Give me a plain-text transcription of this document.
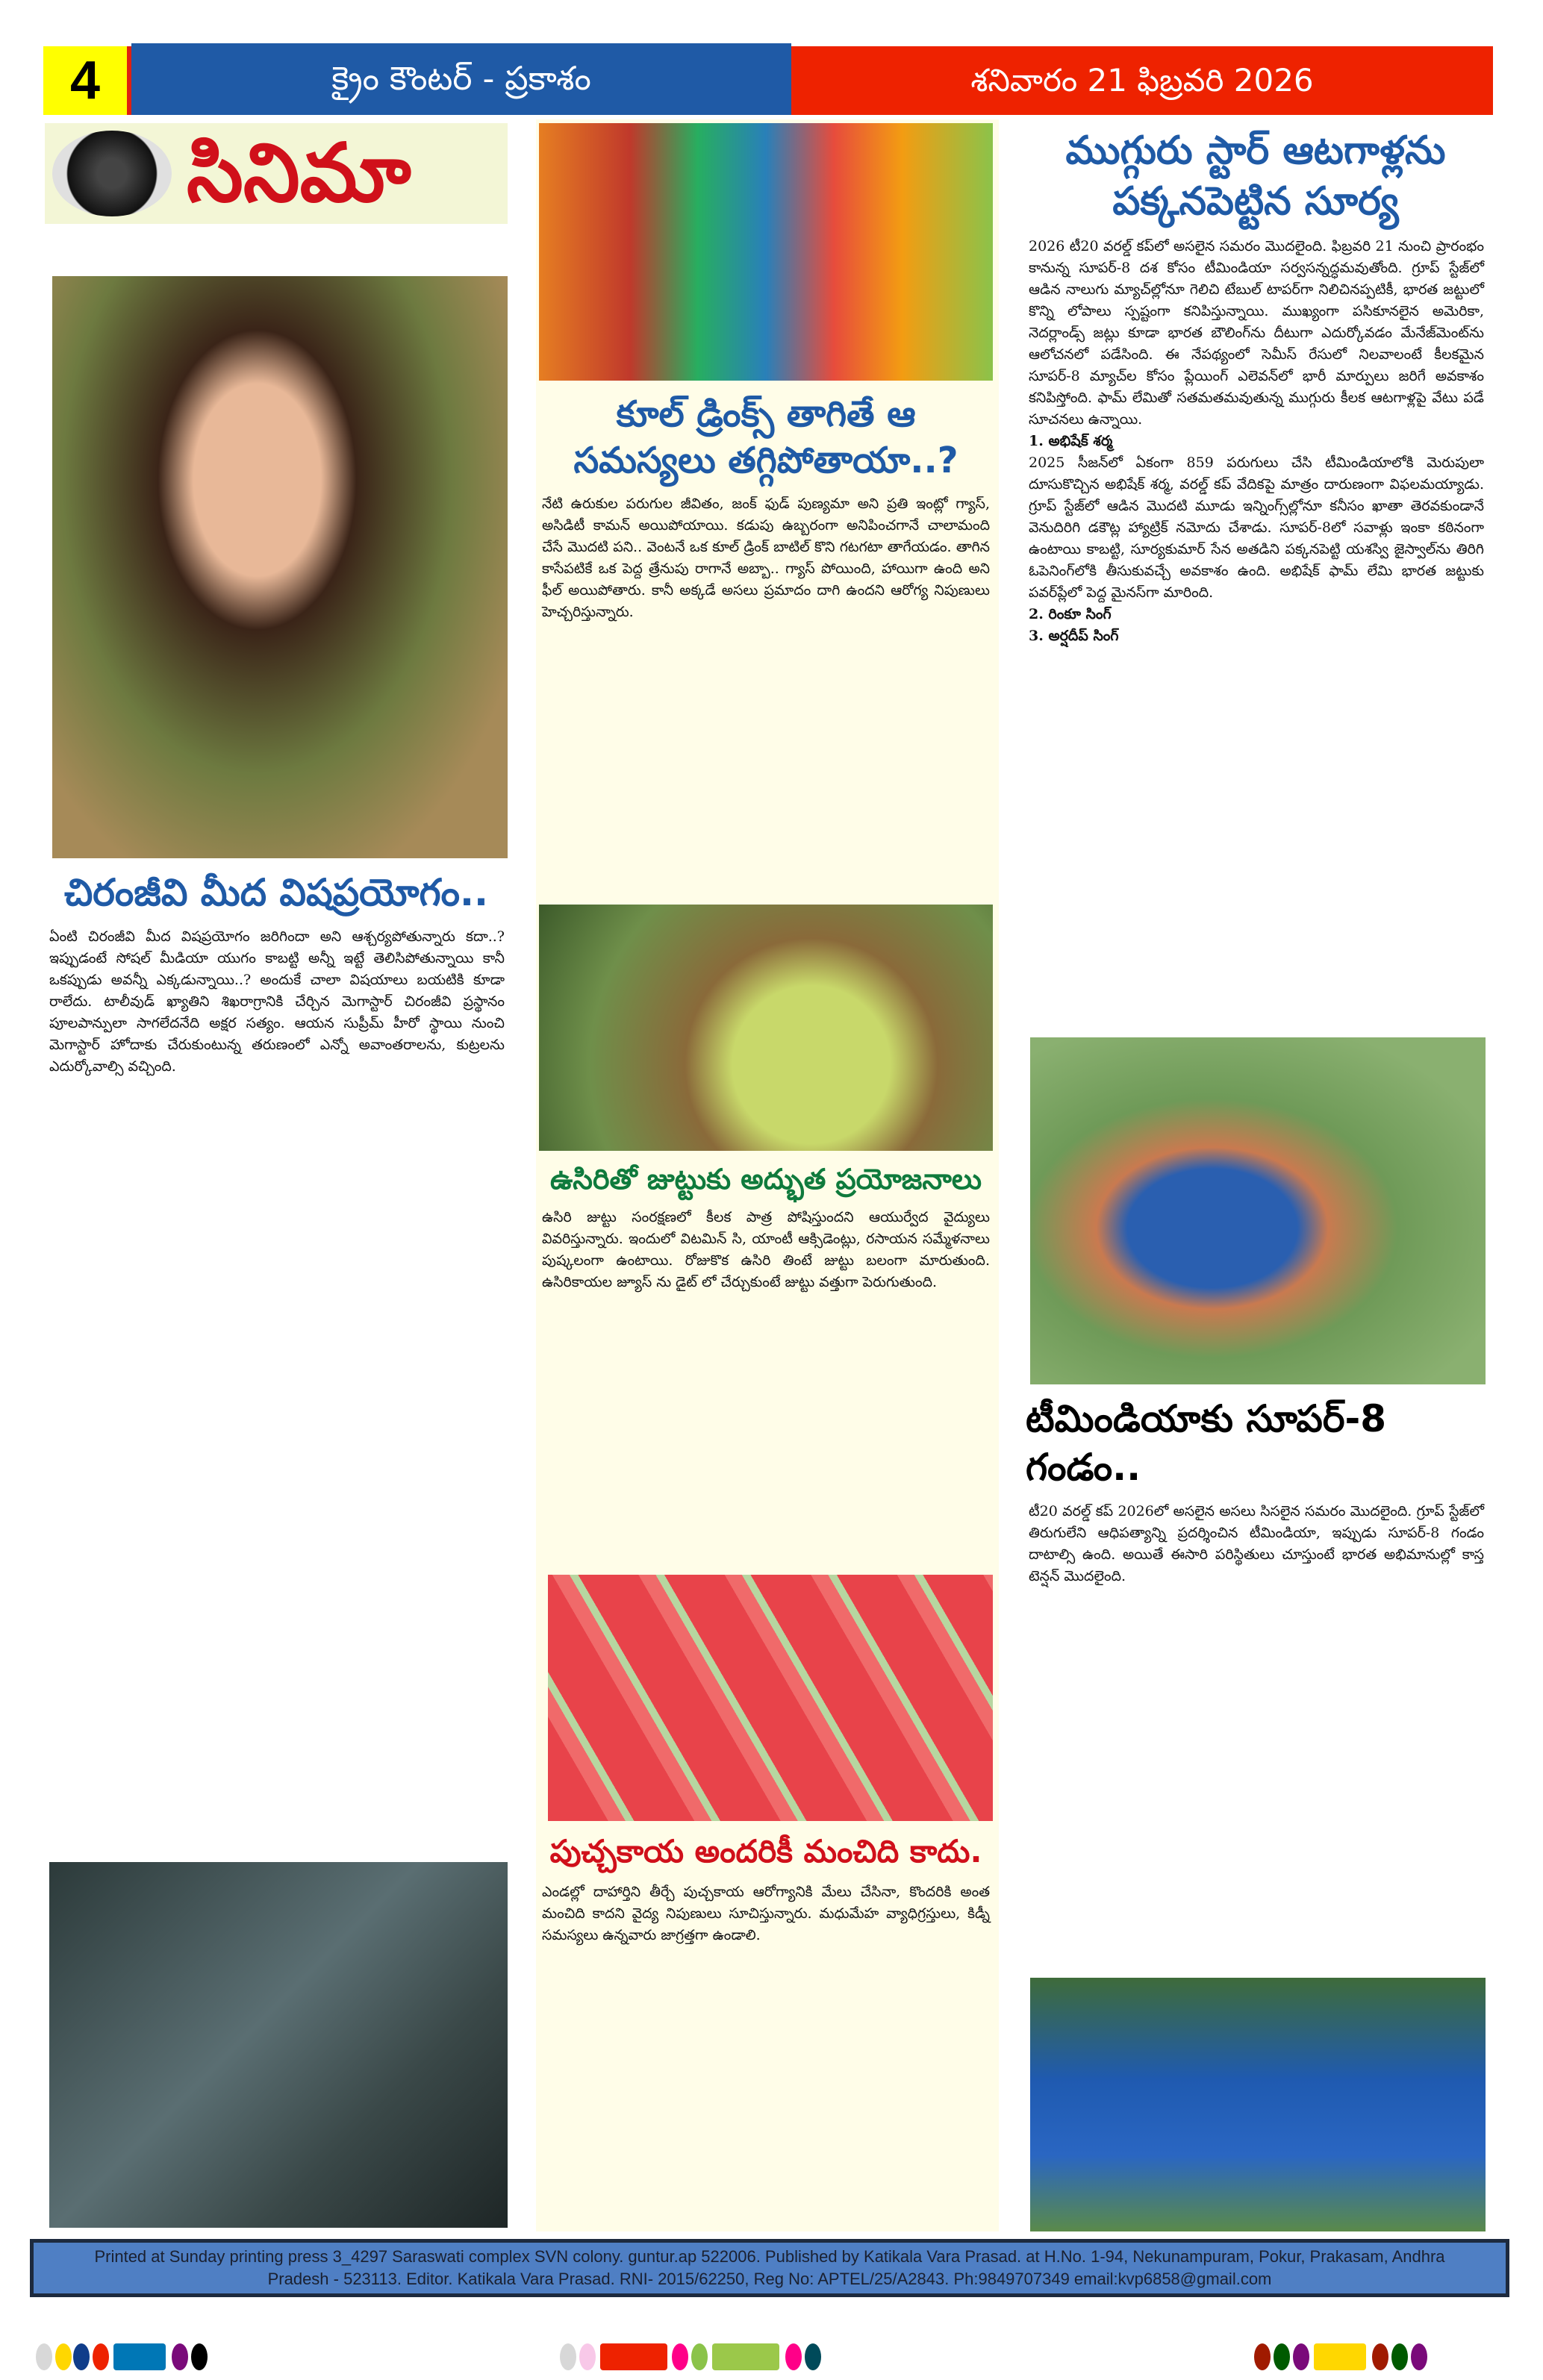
4	క్రైం కౌంటర్ - ప్రకాశం	శనివారం 21 ఫిబ్రవరి 2026
సినిమా
చిరంజీవి మీద విషప్రయోగం..
ఏంటి చిరంజీవి మీద విషప్రయోగం జరిగిందా అని ఆశ్చర్యపోతున్నారు కదా..? ఇప్పుడంటే సోషల్ మీడియా యుగం కాబట్టి అన్నీ ఇట్టే తెలిసిపోతున్నాయి కానీ ఒకప్పుడు అవన్నీ ఎక్కడున్నాయి..? అందుకే చాలా విషయాలు బయటికి కూడా రాలేదు. టాలీవుడ్ ఖ్యాతిని శిఖరాగ్రానికి చేర్చిన మెగాస్టార్ చిరంజీవి ప్రస్థానం పూలపాన్పులా సాగలేదనేది అక్షర సత్యం. ఆయన సుప్రీమ్ హీరో స్థాయి నుంచి మెగాస్టార్ హోదాకు చేరుకుంటున్న తరుణంలో ఎన్నో అవాంతరాలను, కుట్రలను ఎదుర్కోవాల్సి వచ్చింది.
కూల్ డ్రింక్స్ తాగితే ఆ సమస్యలు తగ్గిపోతాయా..?
నేటి ఉరుకుల పరుగుల జీవితం, జంక్ ఫుడ్ పుణ్యమా అని ప్రతి ఇంట్లో గ్యాస్, అసిడిటీ కామన్ అయిపోయాయి. కడుపు ఉబ్బరంగా అనిపించగానే చాలామంది చేసే మొదటి పని.. వెంటనే ఒక కూల్ డ్రింక్ బాటిల్ కొని గటగటా తాగేయడం. తాగిన కాసేపటికే ఒక పెద్ద త్రేనుపు రాగానే అబ్బా.. గ్యాస్ పోయింది, హాయిగా ఉంది అని ఫీల్ అయిపోతారు. కానీ అక్కడే అసలు ప్రమాదం దాగి ఉందని ఆరోగ్య నిపుణులు హెచ్చరిస్తున్నారు.
ఉసిరితో జుట్టుకు అద్భుత ప్రయోజనాలు
ఉసిరి జుట్టు సంరక్షణలో కీలక పాత్ర పోషిస్తుందని ఆయుర్వేద వైద్యులు వివరిస్తున్నారు. ఇందులో విటమిన్ సి, యాంటీ ఆక్సిడెంట్లు, రసాయన సమ్మేళనాలు పుష్కలంగా ఉంటాయి. రోజుకొక ఉసిరి తింటే జుట్టు బలంగా మారుతుంది. ఉసిరికాయల జ్యూస్ ను డైట్ లో చేర్చుకుంటే జుట్టు వత్తుగా పెరుగుతుంది.
పుచ్చకాయ అందరికీ మంచిది కాదు.
ఎండల్లో దాహార్తిని తీర్చే పుచ్చకాయ ఆరోగ్యానికి మేలు చేసినా, కొందరికి అంత మంచిది కాదని వైద్య నిపుణులు సూచిస్తున్నారు. మధుమేహ వ్యాధిగ్రస్తులు, కిడ్నీ సమస్యలు ఉన్నవారు జాగ్రత్తగా ఉండాలి.
ముగ్గురు స్టార్ ఆటగాళ్లను పక్కనపెట్టిన సూర్య

2026 టీ20 వరల్డ్ కప్‌లో అసలైన సమరం మొదలైంది. ఫిబ్రవరి 21 నుంచి ప్రారంభం కానున్న సూపర్-8 దశ కోసం టీమిండియా సర్వసన్నద్ధమవుతోంది. గ్రూప్ స్టేజ్‌లో ఆడిన నాలుగు మ్యాచ్‌ల్లోనూ గెలిచి టేబుల్ టాపర్‌గా నిలిచినప్పటికీ, భారత జట్టులో కొన్ని లోపాలు స్పష్టంగా కనిపిస్తున్నాయి. ముఖ్యంగా పసికూనలైన అమెరికా, నెదర్లాండ్స్ జట్లు కూడా భారత బౌలింగ్‌ను దీటుగా ఎదుర్కోవడం మేనేజ్‌మెంట్‌ను ఆలోచనలో పడేసింది. ఈ నేపథ్యంలో సెమీస్ రేసులో నిలవాలంటే కీలకమైన సూపర్-8 మ్యాచ్‌ల కోసం ప్లేయింగ్ ఎలెవన్‌లో భారీ మార్పులు జరిగే అవకాశం కనిపిస్తోంది. ఫామ్ లేమితో సతమతమవుతున్న ముగ్గురు కీలక ఆటగాళ్లపై వేటు పడే సూచనలు ఉన్నాయి.

1. అభిషేక్ శర్మ

2025 సీజన్‌లో ఏకంగా 859 పరుగులు చేసి టీమిండియాలోకి మెరుపులా దూసుకొచ్చిన అభిషేక్ శర్మ, వరల్డ్ కప్ వేదికపై మాత్రం దారుణంగా విఫలమయ్యాడు. గ్రూప్ స్టేజ్‌లో ఆడిన మొదటి మూడు ఇన్నింగ్స్‌ల్లోనూ కనీసం ఖాతా తెరవకుండానే వెనుదిరిగి డకౌట్ల హ్యాట్రిక్ నమోదు చేశాడు. సూపర్-8లో సవాళ్లు ఇంకా కఠినంగా ఉంటాయి కాబట్టి, సూర్యకుమార్ సేన అతడిని పక్కనపెట్టి యశస్వి జైస్వాల్‌ను తిరిగి ఓపెనింగ్‌లోకి తీసుకువచ్చే అవకాశం ఉంది. అభిషేక్ ఫామ్ లేమి భారత జట్టుకు పవర్‌ప్లేలో పెద్ద మైనస్‌గా మారింది.

2. రింకూ సింగ్

3. అర్షదీప్ సింగ్

టీమిండియాకు సూపర్-8 గండం..
టీ20 వరల్డ్ కప్ 2026లో అసలైన అసలు సిసలైన సమరం మొదలైంది. గ్రూప్ స్టేజ్‌లో తిరుగులేని ఆధిపత్యాన్ని ప్రదర్శించిన టీమిండియా, ఇప్పుడు సూపర్-8 గండం దాటాల్సి ఉంది. అయితే ఈసారి పరిస్థితులు చూస్తుంటే భారత అభిమానుల్లో కాస్త టెన్షన్ మొదలైంది.
Printed at Sunday printing press 3_4297 Saraswati complex SVN colony. guntur.ap 522006. Published by Katikala Vara Prasad. at H.No. 1-94, Nekunampuram, Pokur, Prakasam, Andhra
Pradesh - 523113. Editor. Katikala Vara Prasad. RNI- 2015/62250, Reg No: APTEL/25/A2843. Ph:9849707349 email:kvp6858@gmail.com
